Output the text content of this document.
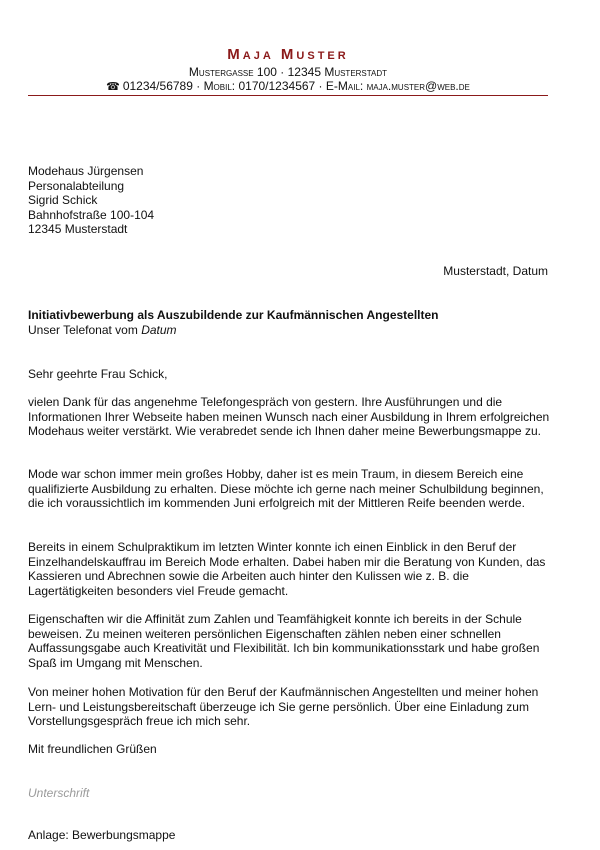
Maja Muster
Mustergasse 100 · 12345 Musterstadt
☎ 01234/56789 · Mobil: 0170/1234567 · E-Mail: maja.muster@web.de
Modehaus Jürgensen
Personalabteilung
Sigrid Schick
Bahnhofstraße 100-104
12345 Musterstadt
Musterstadt, Datum
Initiativbewerbung als Auszubildende zur Kaufmännischen Angestellten
Unser Telefonat vom Datum
Sehr geehrte Frau Schick,
vielen Dank für das angenehme Telefongespräch von gestern. Ihre Ausführungen und die Informationen Ihrer Webseite haben meinen Wunsch nach einer Ausbildung in Ihrem erfolgreichen Modehaus weiter verstärkt. Wie verabredet sende ich Ihnen daher meine Bewerbungsmappe zu.
Mode war schon immer mein großes Hobby, daher ist es mein Traum, in diesem Bereich eine qualifizierte Ausbildung zu erhalten. Diese möchte ich gerne nach meiner Schulbildung beginnen, die ich voraussichtlich im kommenden Juni erfolgreich mit der Mittleren Reife beenden werde.
Bereits in einem Schulpraktikum im letzten Winter konnte ich einen Einblick in den Beruf der Einzelhandelskauffrau im Bereich Mode erhalten. Dabei haben mir die Beratung von Kunden, das Kassieren und Abrechnen sowie die Arbeiten auch hinter den Kulissen wie z. B. die Lagertätigkeiten besonders viel Freude gemacht.
Eigenschaften wir die Affinität zum Zahlen und Teamfähigkeit konnte ich bereits in der Schule beweisen. Zu meinen weiteren persönlichen Eigenschaften zählen neben einer schnellen Auffassungsgabe auch Kreativität und Flexibilität. Ich bin kommunikationsstark und habe großen Spaß im Umgang mit Menschen.
Von meiner hohen Motivation für den Beruf der Kaufmännischen Angestellten und meiner hohen Lern- und Leistungsbereitschaft überzeuge ich Sie gerne persönlich. Über eine Einladung zum Vorstellungsgespräch freue ich mich sehr.
Mit freundlichen Grüßen
Unterschrift
Anlage: Bewerbungsmappe
